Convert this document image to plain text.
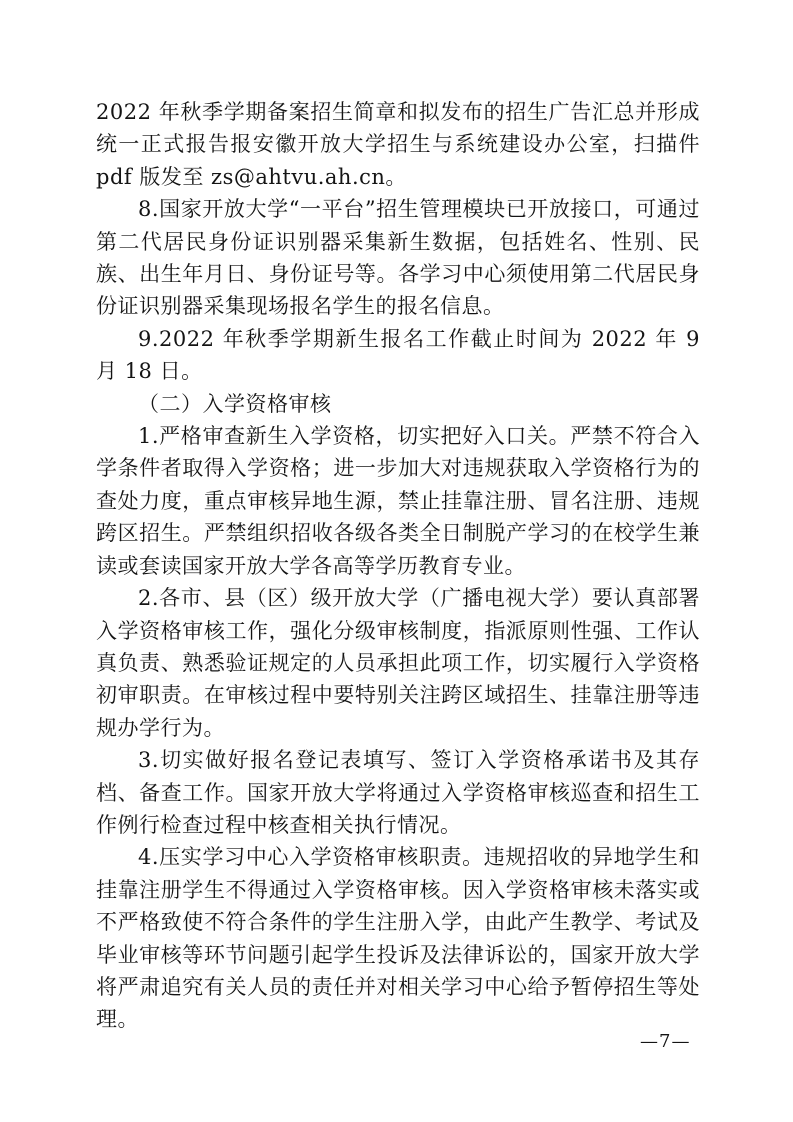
2022 年秋季学期备案招生简章和拟发布的招生广告汇总并形成统一正式报告报安徽开放大学招生与系统建设办公室，扫描件 pdf 版发至 zs@ahtvu.ah.cn。

8.国家开放大学“一平台”招生管理模块已开放接口，可通过第二代居民身份证识别器采集新生数据，包括姓名、性别、民族、出生年月日、身份证号等。各学习中心须使用第二代居民身份证识别器采集现场报名学生的报名信息。

9.2022 年秋季学期新生报名工作截止时间为 2022 年 9 月 18 日。

（二）入学资格审核

1.严格审查新生入学资格，切实把好入口关。严禁不符合入学条件者取得入学资格；进一步加大对违规获取入学资格行为的查处力度，重点审核异地生源，禁止挂靠注册、冒名注册、违规跨区招生。严禁组织招收各级各类全日制脱产学习的在校学生兼读或套读国家开放大学各高等学历教育专业。

2.各市、县（区）级开放大学（广播电视大学）要认真部署入学资格审核工作，强化分级审核制度，指派原则性强、工作认真负责、熟悉验证规定的人员承担此项工作，切实履行入学资格初审职责。在审核过程中要特别关注跨区域招生、挂靠注册等违规办学行为。

3.切实做好报名登记表填写、签订入学资格承诺书及其存档、备查工作。国家开放大学将通过入学资格审核巡查和招生工作例行检查过程中核查相关执行情况。

4.压实学习中心入学资格审核职责。违规招收的异地学生和挂靠注册学生不得通过入学资格审核。因入学资格审核未落实或不严格致使不符合条件的学生注册入学，由此产生教学、考试及毕业审核等环节问题引起学生投诉及法律诉讼的，国家开放大学将严肃追究有关人员的责任并对相关学习中心给予暂停招生等处理。

—7—
